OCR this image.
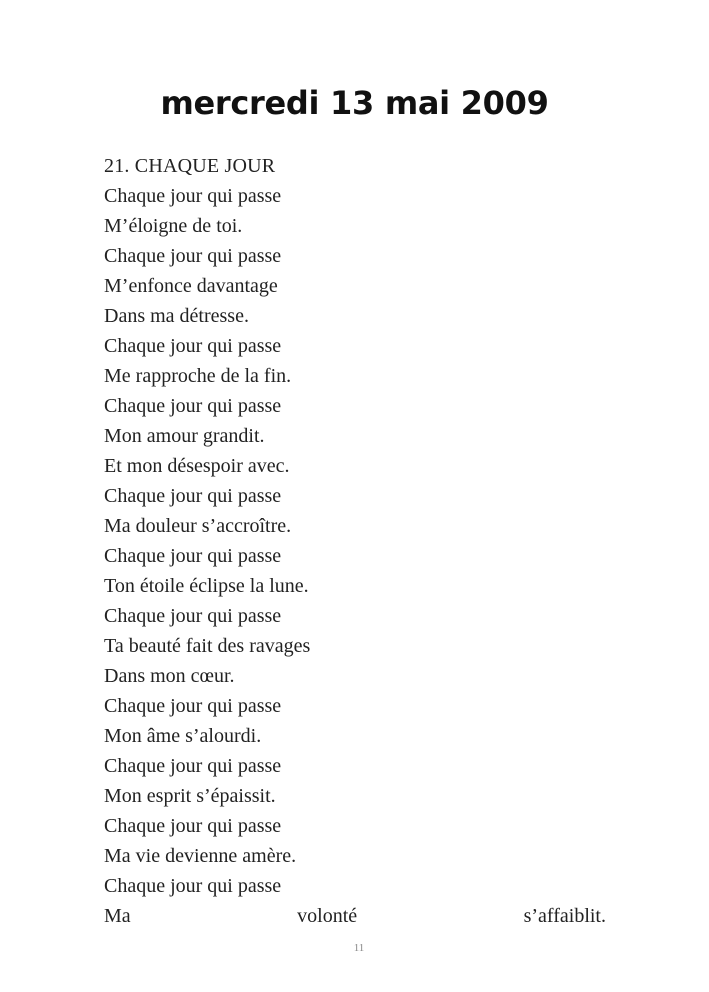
mercredi 13 mai 2009
21. CHAQUE JOUR
Chaque jour qui passe
M’éloigne de toi.
Chaque jour qui passe
M’enfonce davantage
Dans ma détresse.
Chaque jour qui passe
Me rapproche de la fin.
Chaque jour qui passe
Mon amour grandit.
Et mon désespoir avec.
Chaque jour qui passe
Ma douleur s’accroître.
Chaque jour qui passe
Ton étoile éclipse la lune.
Chaque jour qui passe
Ta beauté fait des ravages
Dans mon cœur.
Chaque jour qui passe
Mon âme s’alourdi.
Chaque jour qui passe
Mon esprit s’épaissit.
Chaque jour qui passe
Ma vie devienne amère.
Chaque jour qui passe
Ma	volonté	s’affaiblit.
11
